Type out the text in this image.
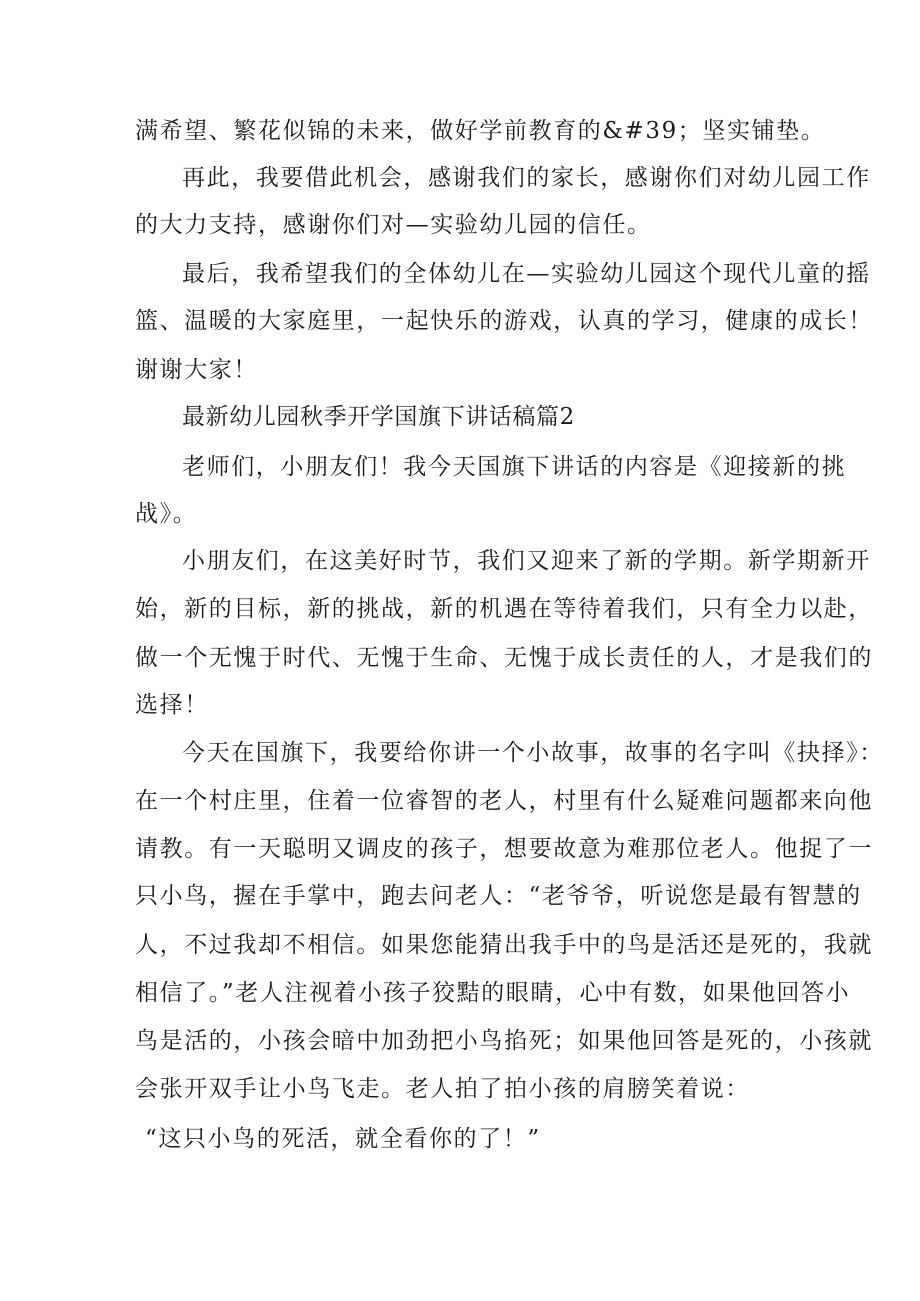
满希望、繁花似锦的未来，做好学前教育的&#39；坚实铺垫。
再此，我要借此机会，感谢我们的家长，感谢你们对幼儿园工作
的大力支持，感谢你们对—实验幼儿园的信任。
最后，我希望我们的全体幼儿在—实验幼儿园这个现代儿童的摇
篮、温暖的大家庭里，一起快乐的游戏，认真的学习，健康的成长！
谢谢大家！
最新幼儿园秋季开学国旗下讲话稿篇2
老师们，小朋友们！我今天国旗下讲话的内容是《迎接新的挑
战》。
小朋友们，在这美好时节，我们又迎来了新的学期。新学期新开
始，新的目标，新的挑战，新的机遇在等待着我们，只有全力以赴，
做一个无愧于时代、无愧于生命、无愧于成长责任的人，才是我们的
选择！
今天在国旗下，我要给你讲一个小故事，故事的名字叫《抉择》：
在一个村庄里，住着一位睿智的老人，村里有什么疑难问题都来向他
请教。有一天聪明又调皮的孩子，想要故意为难那位老人。他捉了一
只小鸟，握在手掌中，跑去问老人：“老爷爷，听说您是最有智慧的
人，不过我却不相信。如果您能猜出我手中的鸟是活还是死的，我就
相信了。”老人注视着小孩子狡黠的眼睛，心中有数，如果他回答小
鸟是活的，小孩会暗中加劲把小鸟掐死；如果他回答是死的，小孩就
会张开双手让小鸟飞走。老人拍了拍小孩的肩膀笑着说：
“这只小鸟的死活，就全看你的了！”
